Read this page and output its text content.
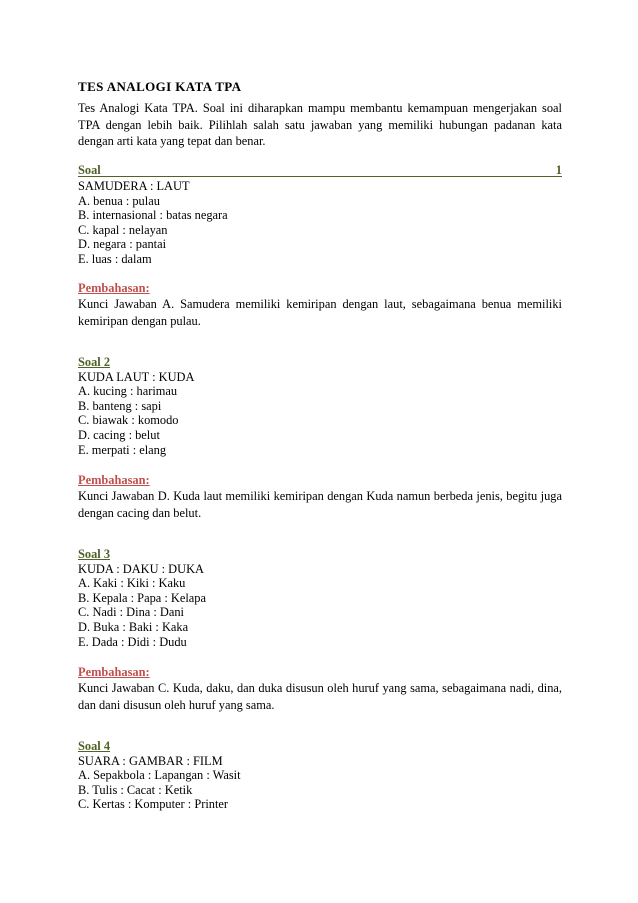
TES ANALOGI KATA TPA
Tes Analogi Kata TPA. Soal ini diharapkan mampu membantu kemampuan mengerjakan soal TPA dengan lebih baik. Pilihlah salah satu jawaban yang memiliki hubungan padanan kata dengan arti kata yang tepat dan benar.
Soal	1
SAMUDERA : LAUT
A. benua : pulau
B. internasional : batas negara
C. kapal : nelayan
D. negara : pantai
E. luas : dalam
Pembahasan:
Kunci Jawaban A. Samudera memiliki kemiripan dengan laut, sebagaimana benua memiliki kemiripan dengan pulau.
Soal 2
KUDA LAUT : KUDA
A. kucing : harimau
B. banteng : sapi
C. biawak : komodo
D. cacing : belut
E. merpati : elang
Pembahasan:
Kunci Jawaban D. Kuda laut memiliki kemiripan dengan Kuda namun berbeda jenis, begitu juga dengan cacing dan belut.
Soal 3
KUDA : DAKU : DUKA
A. Kaki : Kiki : Kaku
B. Kepala : Papa : Kelapa
C. Nadi : Dina : Dani
D. Buka : Baki : Kaka
E. Dada : Didi : Dudu
Pembahasan:
Kunci Jawaban C. Kuda, daku, dan duka disusun oleh huruf yang sama, sebagaimana nadi, dina, dan dani disusun oleh huruf yang sama.
Soal 4
SUARA : GAMBAR : FILM
A. Sepakbola : Lapangan : Wasit
B. Tulis : Cacat : Ketik
C. Kertas : Komputer : Printer
